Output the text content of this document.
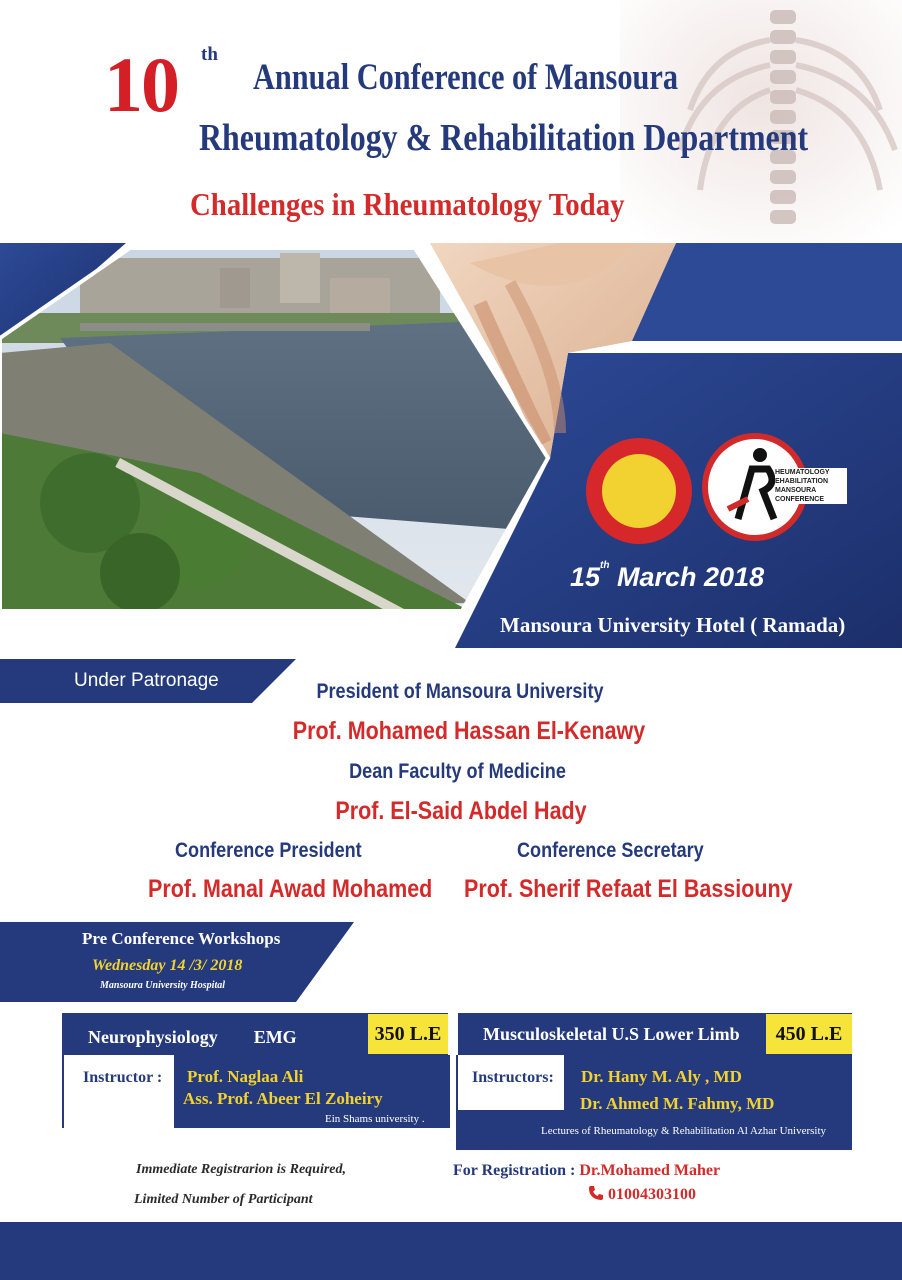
10 th
Annual Conference of Mansoura
Rheumatology & Rehabilitation Department
Challenges in Rheumatology Today
HEUMATOLOGY
EHABILITATION
MANSOURA CONFERENCE
15th March 2018
Mansoura University Hotel ( Ramada)
Under Patronage	President of Mansoura University
Prof. Mohamed Hassan El-Kenawy
Dean Faculty of Medicine
Prof. El-Said Abdel Hady
Conference President
Prof. Manal Awad Mohamed
Conference Secretary
Prof. Sherif Refaat El Bassiouny
Pre Conference Workshops
Wednesday 14 /3/ 2018
Mansoura University Hospital
Neurophysiology        EMG	350 L.E
Instructor : Prof. Naglaa Ali
Ass. Prof. Abeer El Zoheiry
Ein Shams university .
Musculoskeletal U.S Lower Limb	450 L.E
Instructors: Dr. Hany M. Aly , MD
Dr. Ahmed M. Fahmy, MD
Lectures of Rheumatology & Rehabilitation Al Azhar University
Immediate Registrarion is Required,
Limited Number of Participant
For Registration : Dr.Mohamed Maher
01004303100
